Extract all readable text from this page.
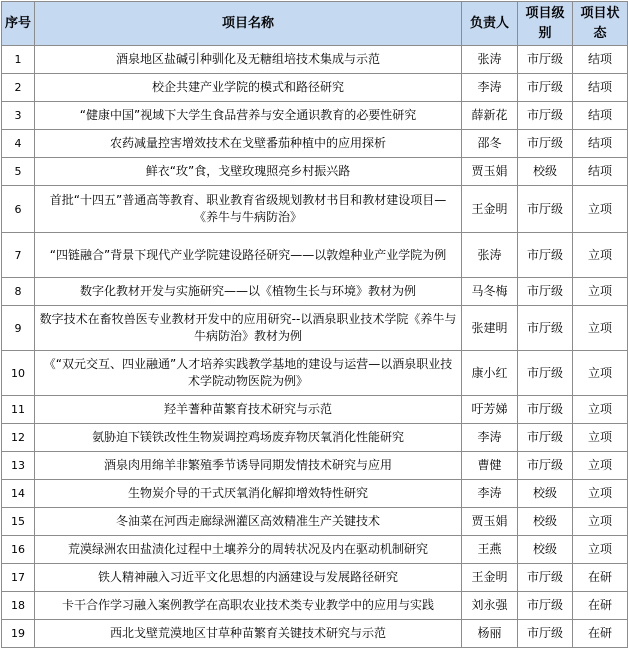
序号	项目名称	负责人	项目级别	项目状态
1	酒泉地区盐碱引种驯化及无糖组培技术集成与示范	张涛	市厅级	结项
2	校企共建产业学院的模式和路径研究	李涛	市厅级	结项
3	“健康中国”视域下大学生食品营养与安全通识教育的必要性研究	薛新花	市厅级	结项
4	农药减量控害增效技术在戈壁番茄种植中的应用探析	邵冬	市厅级	结项
5	鲜衣“玫”食，戈壁玫瑰照亮乡村振兴路	贾玉娟	校级	结项
6	首批“十四五”普通高等教育、职业教育省级规划教材书目和教材建设项目—《养牛与牛病防治》	王金明	市厅级	立项
7	“四链融合”背景下现代产业学院建设路径研究——以敦煌种业产业学院为例	张涛	市厅级	立项
8	数字化教材开发与实施研究——以《植物生长与环境》教材为例	马冬梅	市厅级	立项
9	数字技术在畜牧兽医专业教材开发中的应用研究--以酒泉职业技术学院《养牛与牛病防治》教材为例	张建明	市厅级	立项
10	《“双元交互、四业融通”人才培养实践教学基地的建设与运营—以酒泉职业技术学院动物医院为例》	康小红	市厅级	立项
11	羟羊蓍种苗繁育技术研究与示范	吁芳娣	市厅级	立项
12	氨胁迫下镁铁改性生物炭调控鸡场废弃物厌氧消化性能研究	李涛	市厅级	立项
13	酒泉肉用绵羊非繁殖季节诱导同期发情技术研究与应用	曹健	市厅级	立项
14	生物炭介导的干式厌氧消化解抑增效特性研究	李涛	校级	立项
15	冬油菜在河西走廊绿洲灌区高效精准生产关键技术	贾玉娟	校级	立项
16	荒漠绿洲农田盐渍化过程中土壤养分的周转状况及内在驱动机制研究	王燕	校级	立项
17	铁人精神融入习近平文化思想的内涵建设与发展路径研究	王金明	市厅级	在研
18	卡干合作学习融入案例教学在高职农业技术类专业教学中的应用与实践	刘永强	市厅级	在研
19	西北戈壁荒漠地区甘草种苗繁育关键技术研究与示范	杨丽	市厅级	在研
